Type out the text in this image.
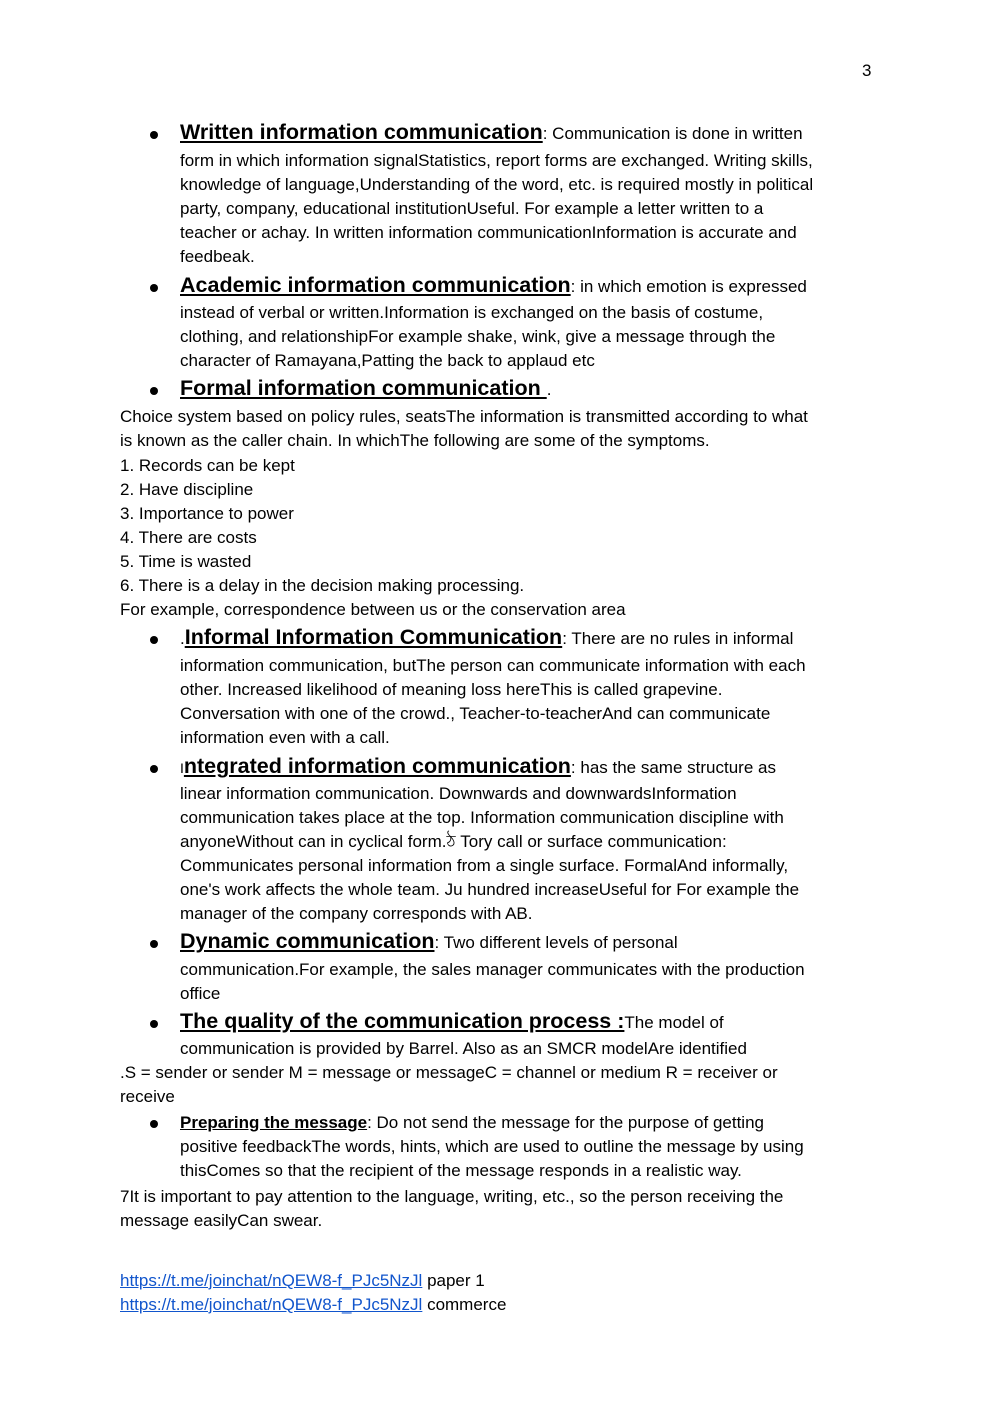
3
Written information communication: Communication is done in written
form in which information signalStatistics, report forms are exchanged. Writing skills,
knowledge of language,Understanding of the word, etc. is required mostly in political
party, company, educational institutionUseful. For example a letter written to a
teacher or achay. In written information communicationInformation is accurate and
feedbeak.
Academic information communication: in which emotion is expressed
instead of verbal or written.Information is exchanged on the basis of costume,
clothing, and relationshipFor example shake, wink, give a message through the
character of Ramayana,Patting the back to applaud etc
Formal information communication .
Choice system based on policy rules, seatsThe information is transmitted according to what
is known as the caller chain. In whichThe following are some of the symptoms.
1. Records can be kept
2. Have discipline
3. Importance to power
4. There are costs
5. Time is wasted
6. There is a delay in the decision making processing.
For example, correspondence between us or the conservation area
.Informal Information Communication: There are no rules in informal
information communication, butThe person can communicate information with each
other. Increased likelihood of meaning loss hereThis is called grapevine.
Conversation with one of the crowd., Teacher-to-teacherAnd can communicate
information even with a call.
Integrated information communication: has the same structure as
linear information communication. Downwards and downwardsInformation
communication takes place at the top. Information communication discipline with
anyoneWithout can in cyclical form.ঠ Tory call or surface communication:
Communicates personal information from a single surface. FormalAnd informally,
one's work affects the whole team. Ju hundred increaseUseful for For example the
manager of the company corresponds with AB.
Dynamic communication: Two different levels of personal
communication.For example, the sales manager communicates with the production
office
The quality of the communication process :The model of
communication is provided by Barrel. Also as an SMCR modelAre identified
.S = sender or sender M = message or messageC = channel or medium R = receiver or
receive
Preparing the message: Do not send the message for the purpose of getting
positive feedbackThe words, hints, which are used to outline the message by using
thisComes so that the recipient of the message responds in a realistic way.
7It is important to pay attention to the language, writing, etc., so the person receiving the
message easilyCan swear.
https://t.me/joinchat/nQEW8-f_PJc5NzJl paper 1
https://t.me/joinchat/nQEW8-f_PJc5NzJl commerce
